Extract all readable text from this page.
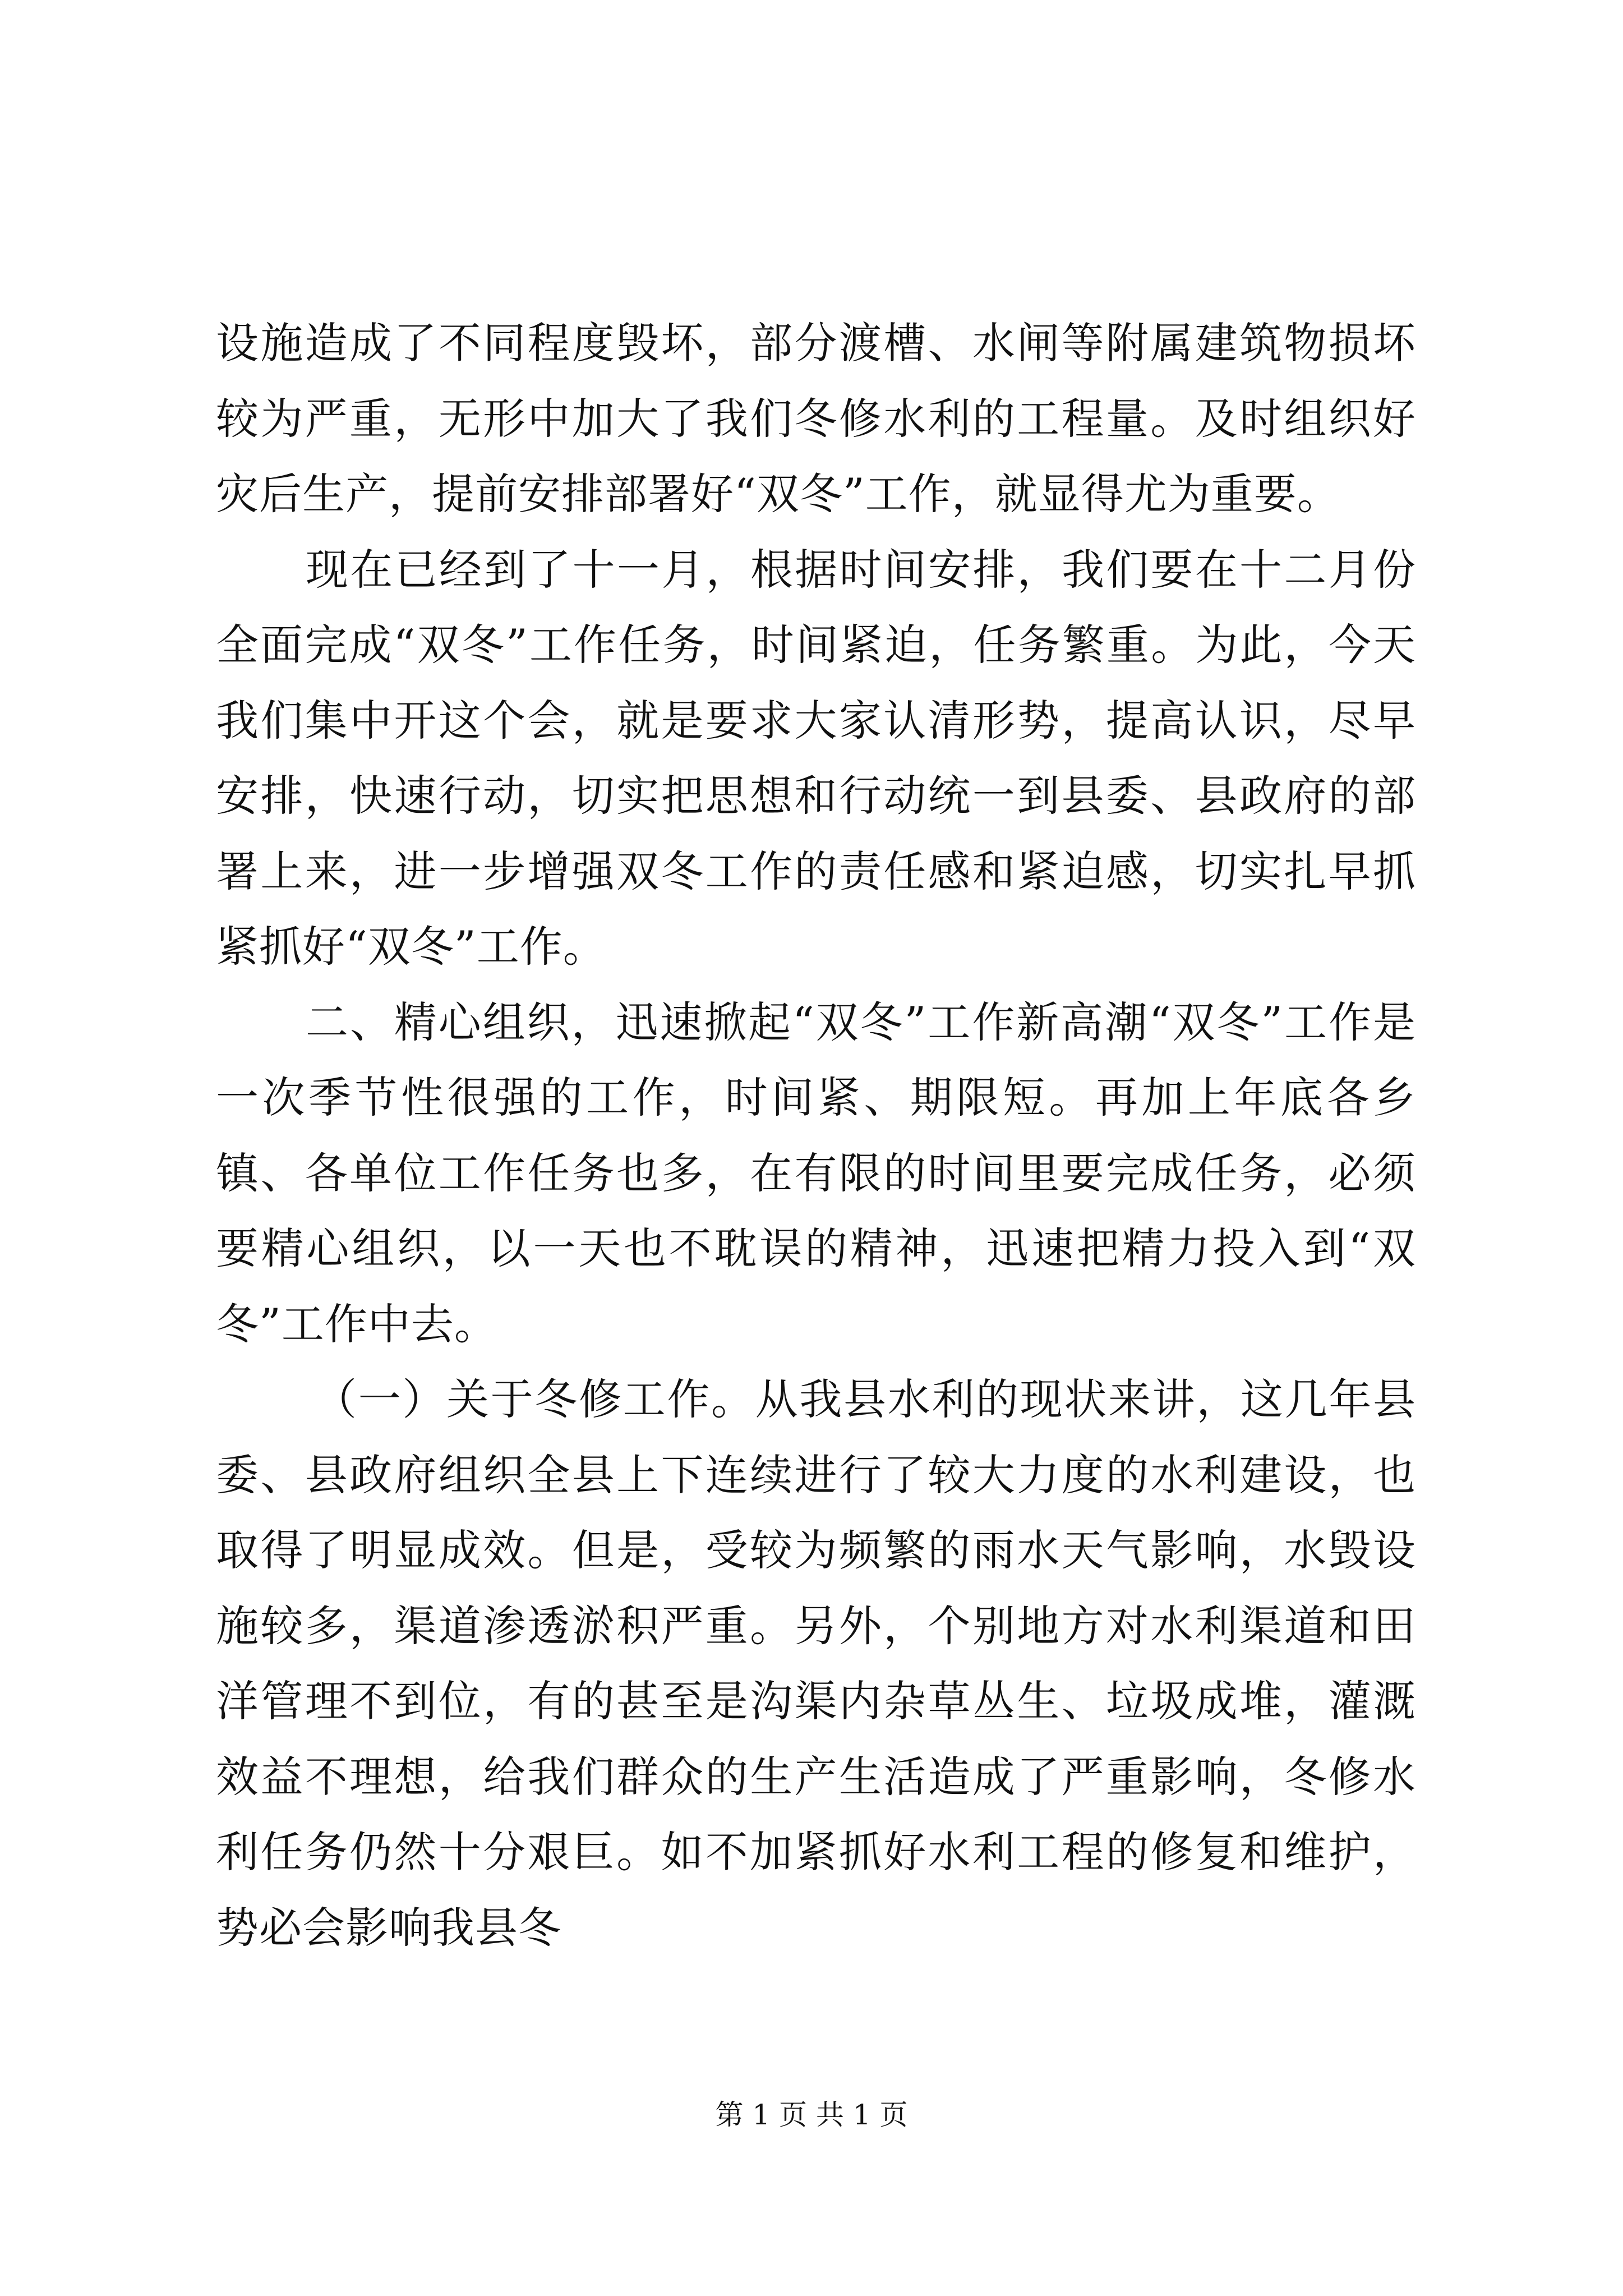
设施造成了不同程度毁坏，部分渡槽、水闸等附属建筑物损坏较为严重，无形中加大了我们冬修水利的工程量。及时组织好灾后生产，提前安排部署好“双冬”工作，就显得尤为重要。

现在已经到了十一月，根据时间安排，我们要在十二月份全面完成“双冬”工作任务，时间紧迫，任务繁重。为此，今天我们集中开这个会，就是要求大家认清形势，提高认识，尽早安排，快速行动，切实把思想和行动统一到县委、县政府的部署上来，进一步增强双冬工作的责任感和紧迫感，切实扎早抓紧抓好“双冬”工作。

二、精心组织，迅速掀起“双冬”工作新高潮“双冬”工作是一次季节性很强的工作，时间紧、期限短。再加上年底各乡镇、各单位工作任务也多，在有限的时间里要完成任务，必须要精心组织，以一天也不耽误的精神，迅速把精力投入到“双冬”工作中去。

（一）关于冬修工作。从我县水利的现状来讲，这几年县委、县政府组织全县上下连续进行了较大力度的水利建设，也取得了明显成效。但是，受较为频繁的雨水天气影响，水毁设施较多，渠道渗透淤积严重。另外，个别地方对水利渠道和田洋管理不到位，有的甚至是沟渠内杂草丛生、垃圾成堆，灌溉效益不理想，给我们群众的生产生活造成了严重影响，冬修水利任务仍然十分艰巨。如不加紧抓好水利工程的修复和维护，势必会影响我县冬

第 1 页 共 1 页
